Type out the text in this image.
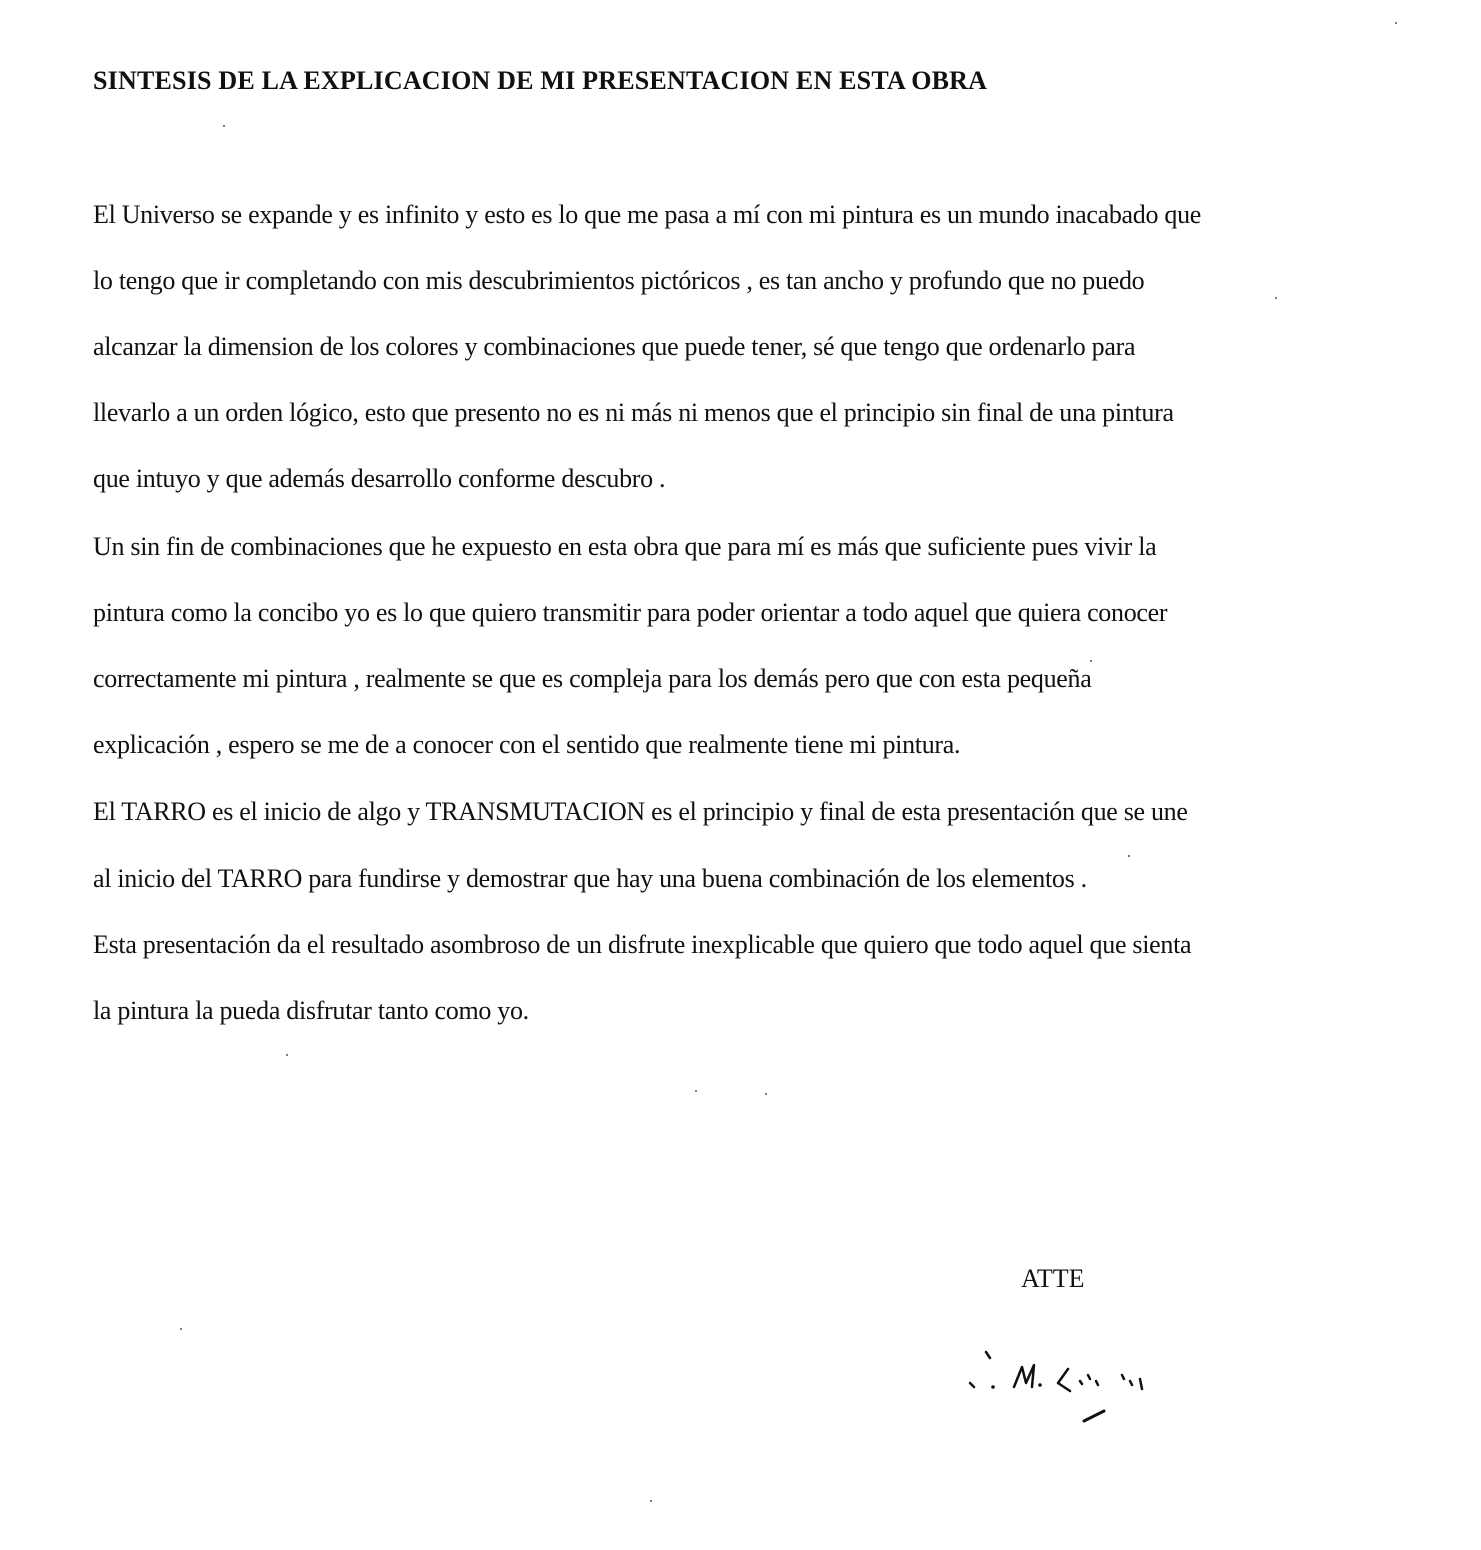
SINTESIS DE LA EXPLICACION DE MI PRESENTACION EN ESTA OBRA
El Universo se expande y es infinito y esto es lo que me pasa a mí con mi pintura es un mundo inacabado que
lo tengo que ir completando con mis descubrimientos pictóricos , es tan ancho y profundo que no puedo
alcanzar la dimension de los colores y combinaciones que puede tener, sé que tengo que ordenarlo para
llevarlo a un orden lógico, esto que presento no es ni más ni menos que el principio sin final de una pintura
que intuyo y que además desarrollo conforme descubro .
Un sin fin de combinaciones que he expuesto en esta obra que para mí es más que suficiente pues vivir la
pintura como la concibo yo es lo que quiero transmitir para poder orientar a todo aquel que quiera conocer
correctamente mi pintura , realmente se que es compleja para los demás pero que con esta pequeña
explicación , espero se me de a conocer con el sentido que realmente tiene mi pintura.
El TARRO es el inicio de algo y TRANSMUTACION es el principio y final de esta presentación que se une
al inicio del TARRO para fundirse y demostrar que hay una buena combinación de los elementos .
Esta presentación da el resultado asombroso de un disfrute inexplicable que quiero que todo aquel que sienta
la pintura la pueda disfrutar tanto como yo.
ATTE
